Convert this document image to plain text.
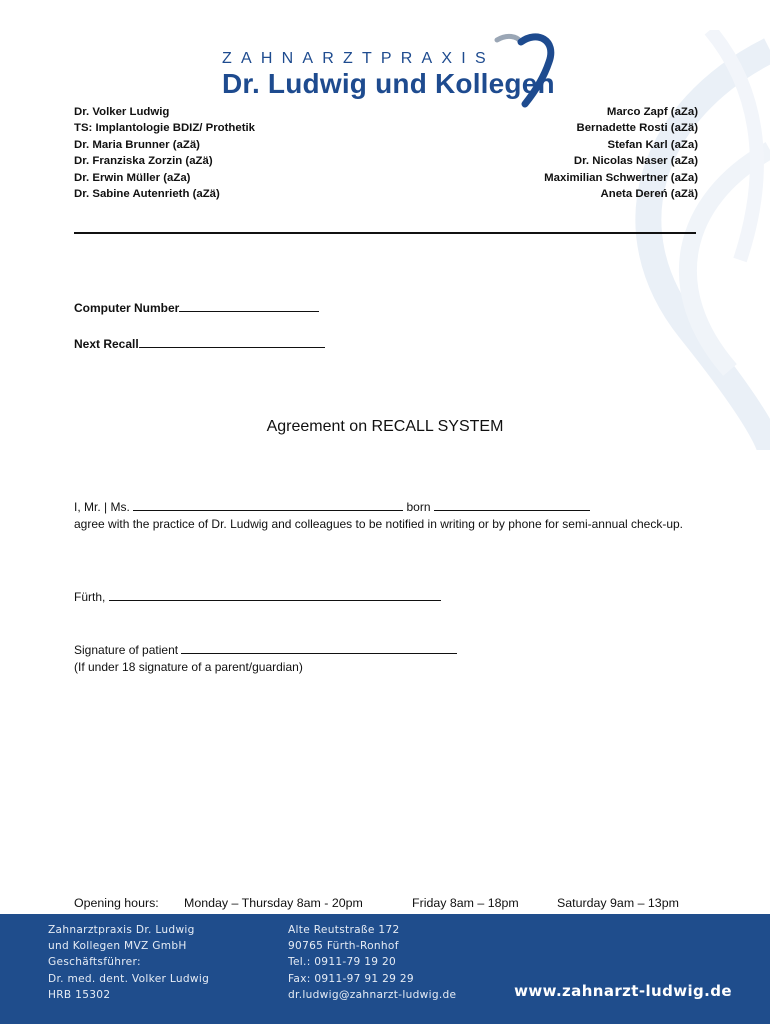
ZAHNARZTPRAXIS
Dr. Ludwig und Kollegen
Dr. Volker Ludwig
TS: Implantologie BDIZ/ Prothetik
Dr. Maria Brunner (aZä)
Dr. Franziska Zorzin (aZä)
Dr. Erwin Müller (aZa)
Dr. Sabine Autenrieth (aZä)
Marco Zapf (aZa)
Bernadette Rosti (aZä)
Stefan Karl (aZa)
Dr. Nicolas Naser (aZa)
Maximilian Schwertner (aZa)
Aneta Dereń (aZä)
Computer Number
Next Recall
Agreement on RECALL SYSTEM
I, Mr. | Ms.	born
agree with the practice of Dr. Ludwig and colleagues to be notified in writing or by phone for semi-annual check-up.
Fürth,
Signature of patient
(If under 18 signature of a parent/guardian)
Opening hours: Monday – Thursday 8am - 20pm	Friday 8am – 18pm	Saturday 9am – 13pm
Zahnarztpraxis Dr. Ludwig
und Kollegen MVZ GmbH
Geschäftsführer:
Dr. med. dent. Volker Ludwig
HRB 15302
Alte Reutstraße 172
90765 Fürth-Ronhof
Tel.: 0911-79 19 20
Fax: 0911-97 91 29 29
dr.ludwig@zahnarzt-ludwig.de	www.zahnarzt-ludwig.de
